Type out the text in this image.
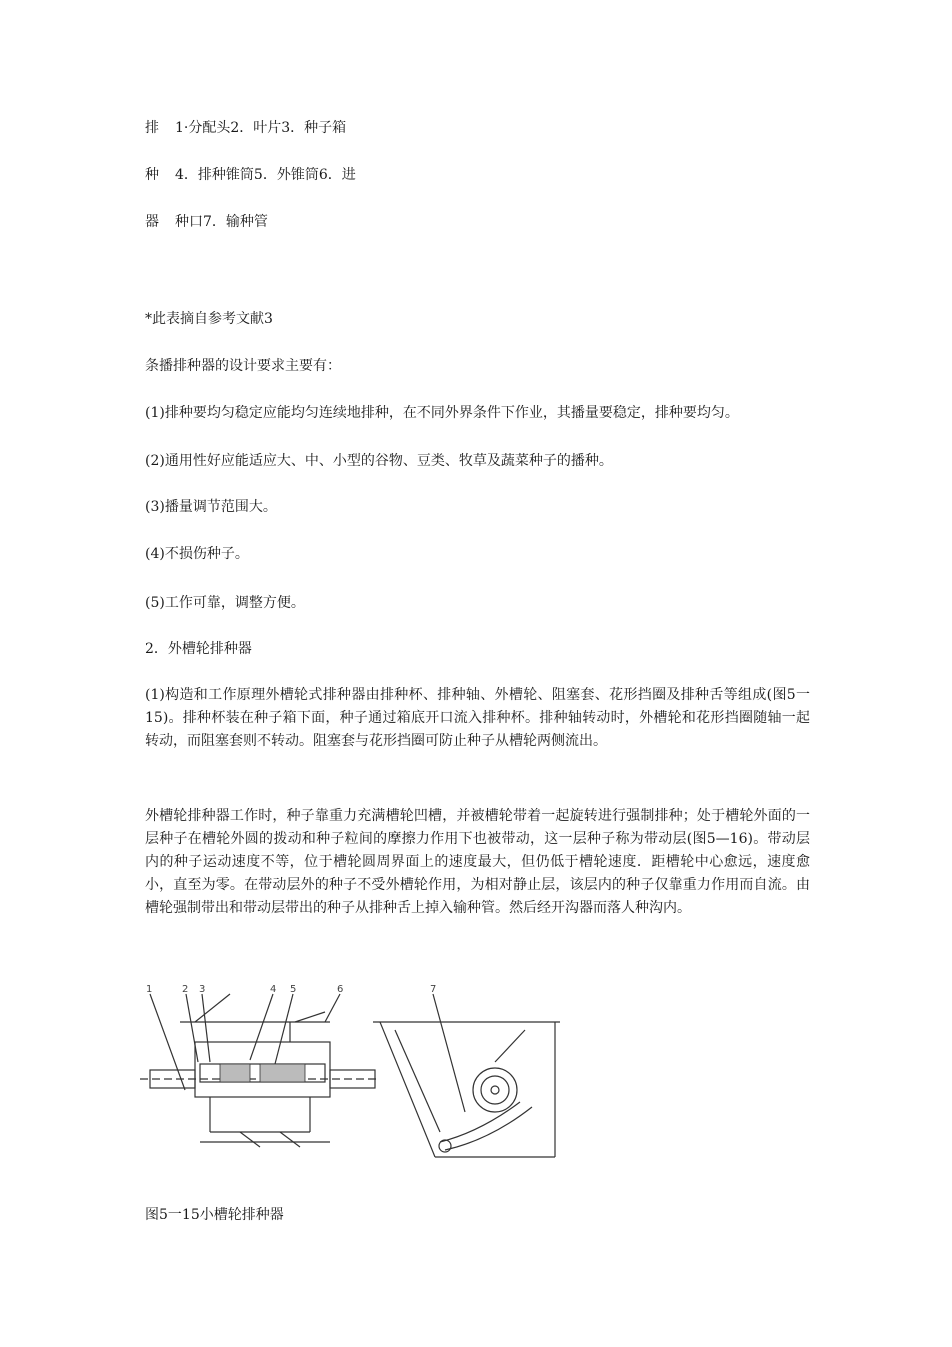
排 1·分配头2．叶片3．种子箱
种 4．排种锥筒5．外锥筒6．进
器 种口7．输种管
*此表摘自参考文献3
条播排种器的设计要求主要有：
(1)排种要均匀稳定应能均匀连续地排种，在不同外界条件下作业，其播量要稳定，排种要均匀。
(2)通用性好应能适应大、中、小型的谷物、豆类、牧草及蔬菜种子的播种。
(3)播量调节范围大。
(4)不损伤种子。
(5)工作可靠，调整方便。
2．外槽轮排种器
(1)构造和工作原理外槽轮式排种器由排种杯、排种轴、外槽轮、阻塞套、花形挡圈及排种舌等组成(图5一15)。排种杯装在种子箱下面，种子通过箱底开口流入排种杯。排种轴转动时，外槽轮和花形挡圈随轴一起转动，而阻塞套则不转动。阻塞套与花形挡圈可防止种子从槽轮两侧流出。
外槽轮排种器工作时，种子靠重力充满槽轮凹槽，并被槽轮带着一起旋转进行强制排种；处于槽轮外面的一层种子在槽轮外圆的拨动和种子粒间的摩擦力作用下也被带动，这一层种子称为带动层(图5—16)。带动层内的种子运动速度不等，位于槽轮圆周界面上的速度最大，但仍低于槽轮速度．距槽轮中心愈远，速度愈小，直至为零。在带动层外的种子不受外槽轮作用，为相对静止层，该层内的种子仅靠重力作用而自流。由槽轮强制带出和带动层带出的种子从排种舌上掉入输种管。然后经开沟器而落人种沟内。
1	2 3	4 5	6	7
图5一15小槽轮排种器
